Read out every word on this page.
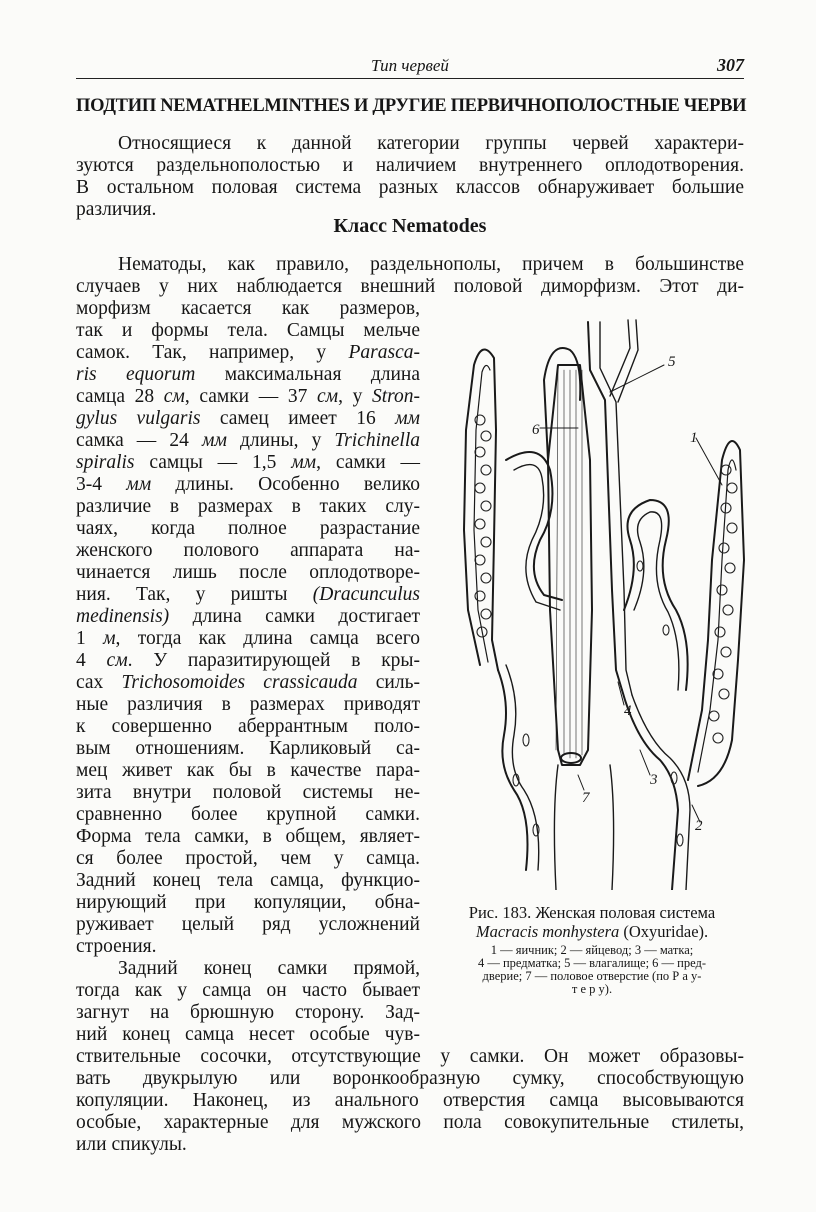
Тип червей	307
ПОДТИП NEMATHELMINTHES И ДРУГИЕ ПЕРВИЧНОПОЛОСТНЫЕ ЧЕРВИ
Относящиеся к данной категории группы червей характери-
зуются раздельнополостью и наличием внутреннего оплодотворения.
В остальном половая система разных классов обнаруживает большие
различия.
Класс Nematodes
Нематоды, как правило, раздельнополы, причем в большинстве
случаев у них наблюдается внешний половой диморфизм. Этот ди-
морфизм касается как размеров,
так и формы тела. Самцы мельче
самок. Так, например, у Parasca-
ris equorum максимальная длина
самца 28 см, самки — 37 см, у Stron-
gylus vulgaris самец имеет 16 мм
самка — 24 мм длины, у Trichinella
spiralis самцы — 1,5 мм, самки —
3-4 мм длины. Особенно велико
различие в размерах в таких слу-
чаях, когда полное разрастание
женского полового аппарата на-
чинается лишь после оплодотворе-
ния. Так, у ришты (Dracunculus
medinensis) длина самки достигает
1 м, тогда как длина самца всего
4 см. У паразитирующей в кры-
сах Trichosomoides crassicauda силь-
ные различия в размерах приводят
к совершенно аберрантным поло-
вым отношениям. Карликовый са-
мец живет как бы в качестве пара-
зита внутри половой системы не-
сравненно более крупной самки.
Форма тела самки, в общем, являет-
ся более простой, чем у самца.
Задний конец тела самца, функцио-
нирующий при копуляции, обна-
руживает целый ряд усложнений
строения.
Задний конец самки прямой,
тогда как у самца он часто бывает
загнут на брюшную сторону. Зад-
ний конец самца несет особые чув-
ствительные сосочки, отсутствующие у самки. Он может образовы-
вать двукрылую или воронкообразную сумку, способствующую
копуляции. Наконец, из анального отверстия самца высовываются
особые, характерные для мужского пола совокупительные стилеты,
или спикулы.
1
2
3
4
5
6
7
Рис. 183. Женская половая система
Macracis monhystera (Oxyuridae).
1 — яичник; 2 — яйцевод; 3 — матка;
4 — предматка; 5 — влагалище; 6 — пред-
дверие; 7 — половое отверстие (по Р а у-
т е р у).
